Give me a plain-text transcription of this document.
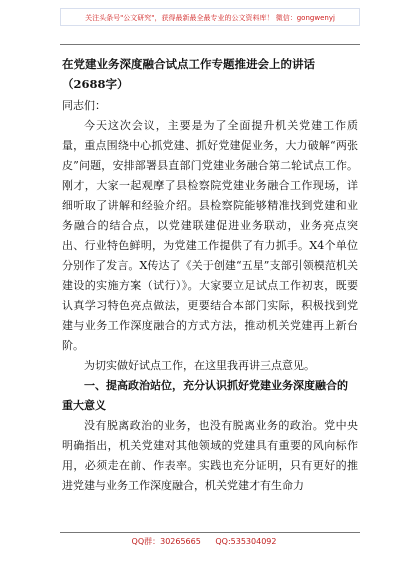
关注头条号"公文研究"，获得最新最全最专业的公文资料库！ 微信：gongwenyj

在党建业务深度融合试点工作专题推进会上的讲话（2688字）

同志们：

今天这次会议，主要是为了全面提升机关党建工作质量，重点围绕中心抓党建、抓好党建促业务，大力破解“两张皮”问题，安排部署县直部门党建业务融合第二轮试点工作。刚才，大家一起观摩了县检察院党建业务融合工作现场，详细听取了讲解和经验介绍。县检察院能够精准找到党建和业务融合的结合点，以党建联建促进业务联动，业务亮点突出、行业特色鲜明，为党建工作提供了有力抓手。X4个单位分别作了发言。X传达了《关于创建“五星”支部引领模范机关建设的实施方案（试行）》。大家要立足试点工作初衷，既要认真学习特色亮点做法，更要结合本部门实际，积极找到党建与业务工作深度融合的方式方法，推动机关党建再上新台阶。

为切实做好试点工作，在这里我再讲三点意见。

一、提高政治站位，充分认识抓好党建业务深度融合的重大意义

没有脱离政治的业务，也没有脱离业务的政治。党中央明确指出，机关党建对其他领域的党建具有重要的风向标作用，必须走在前、作表率。实践也充分证明，只有更好的推进党建与业务工作深度融合，机关党建才有生命力

QQ群：30265665 QQ:535304092
